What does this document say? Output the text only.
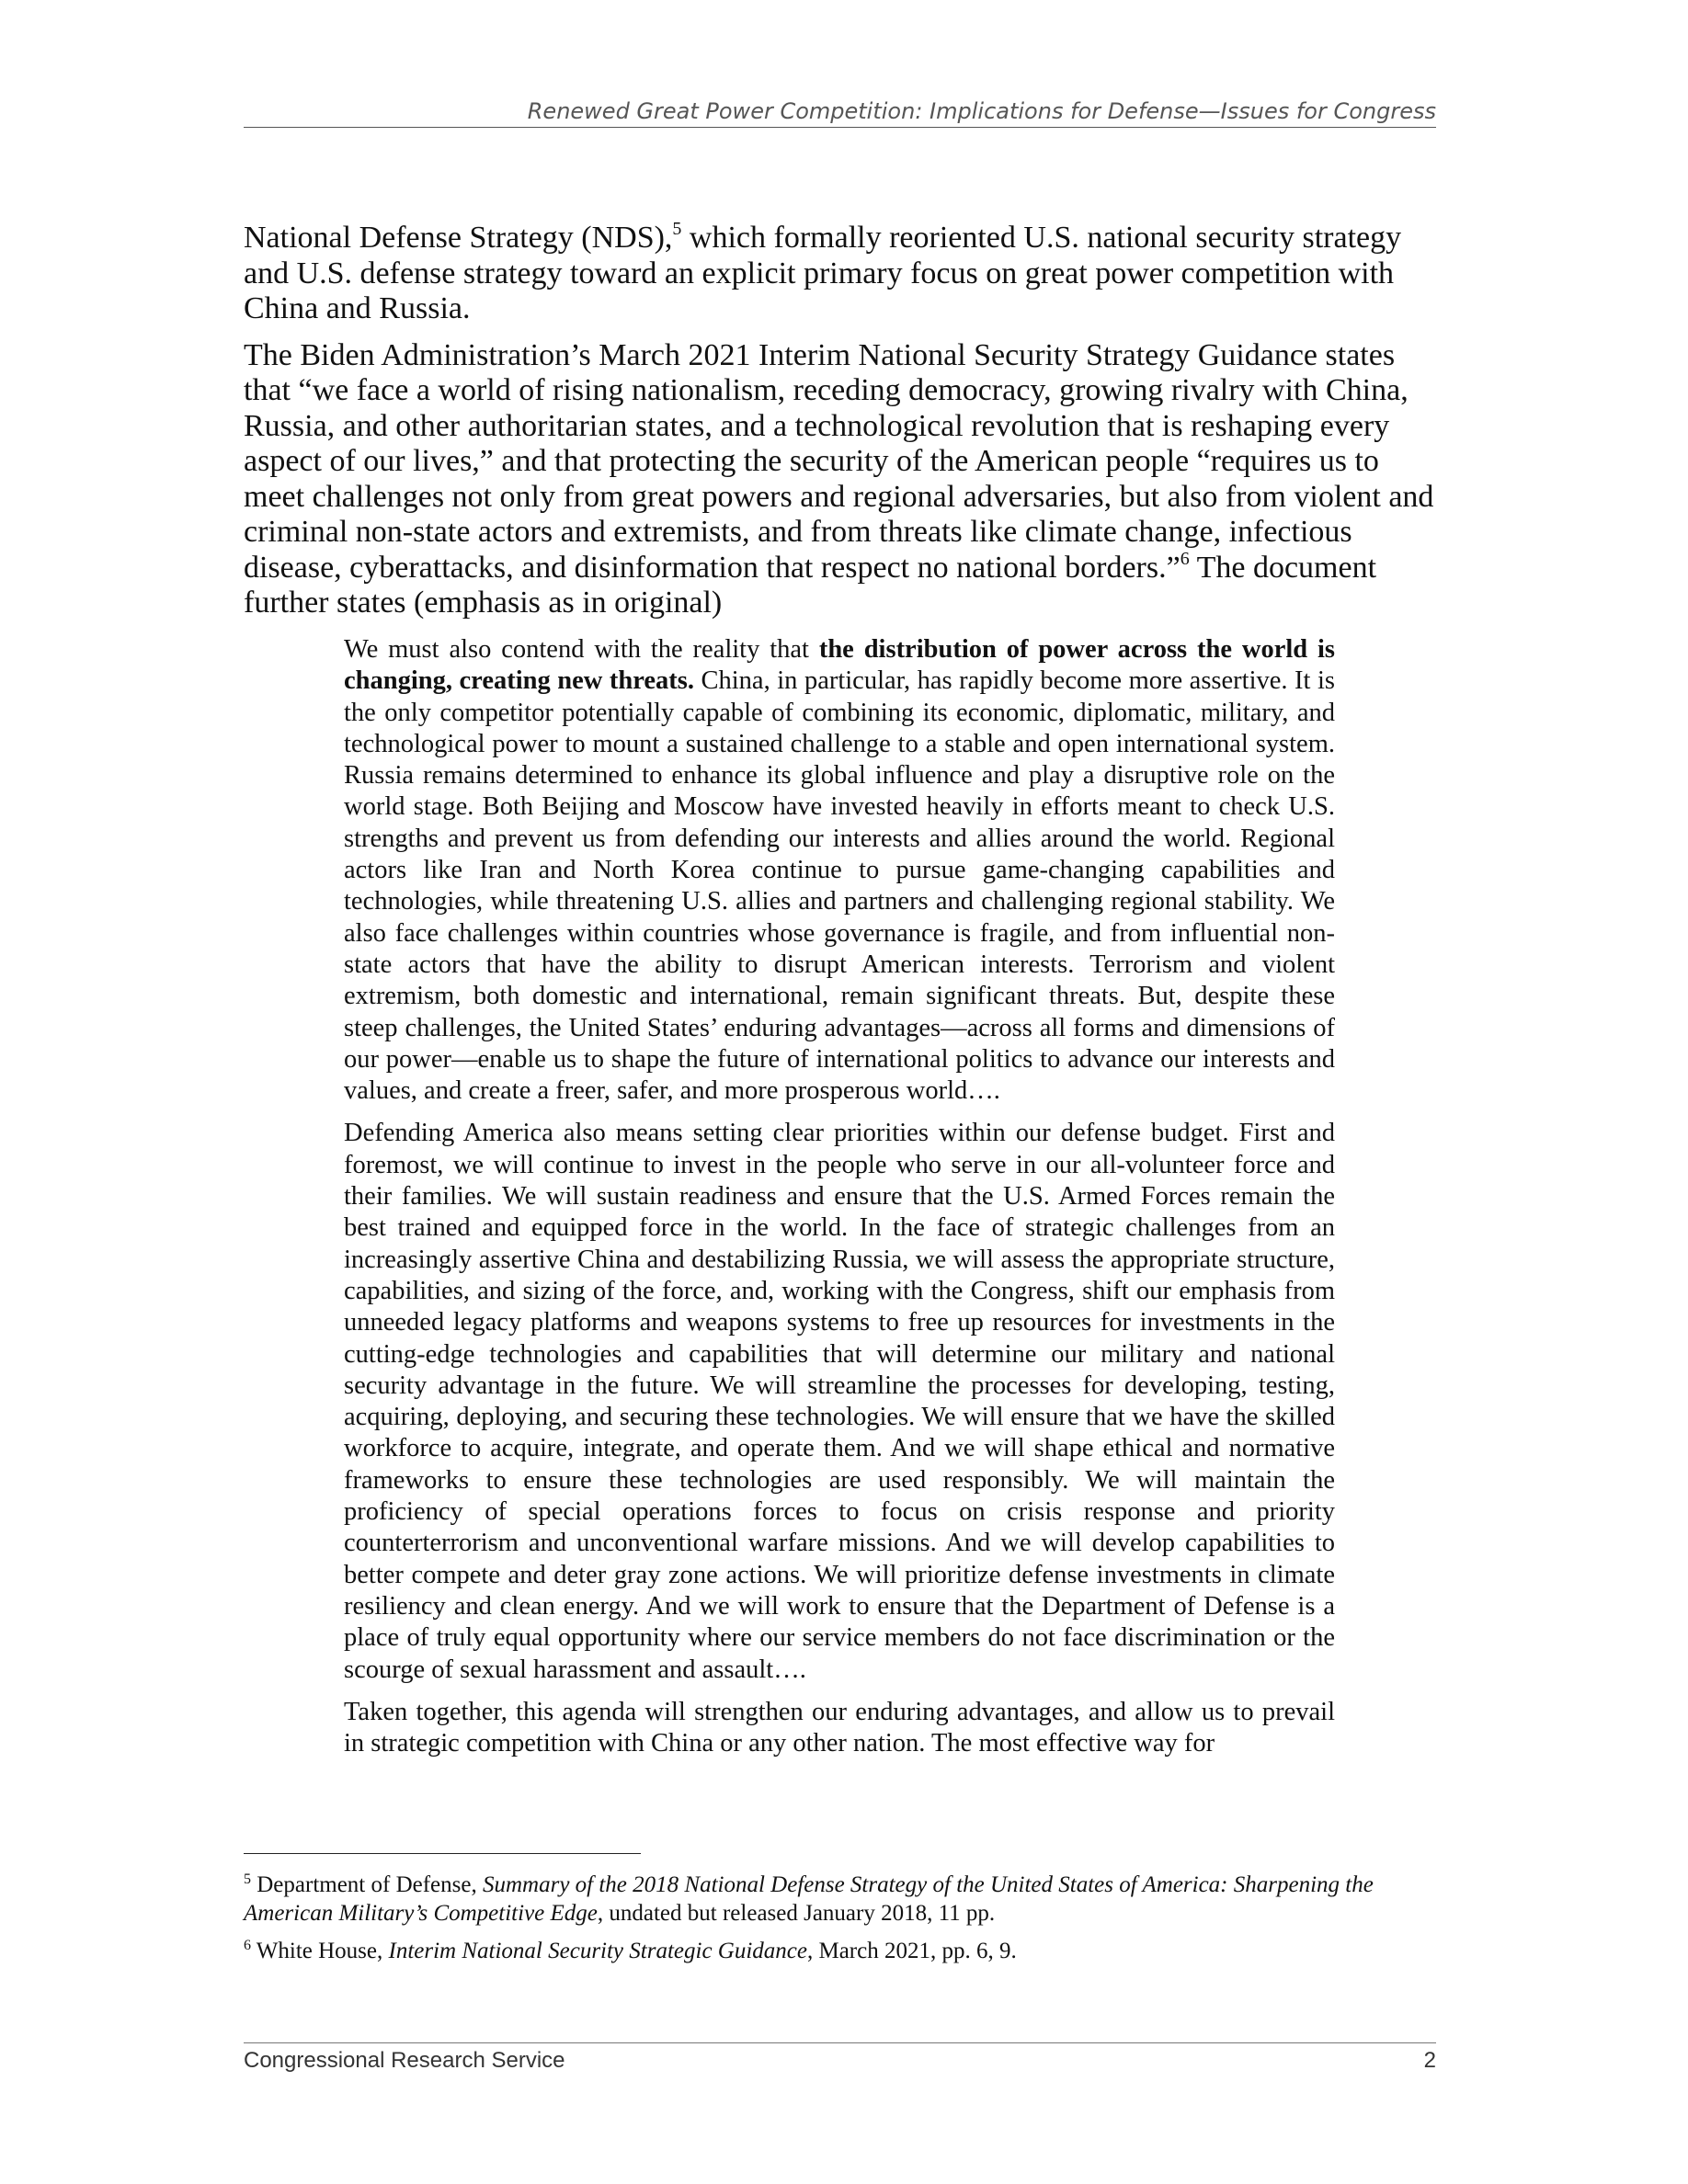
Renewed Great Power Competition: Implications for Defense—Issues for Congress

National Defense Strategy (NDS),$^5$ which formally reoriented U.S. national security strategy and U.S. defense strategy toward an explicit primary focus on great power competition with China and Russia.

The Biden Administration’s March 2021 Interim National Security Strategy Guidance states that “we face a world of rising nationalism, receding democracy, growing rivalry with China, Russia, and other authoritarian states, and a technological revolution that is reshaping every aspect of our lives,” and that protecting the security of the American people “requires us to meet challenges not only from great powers and regional adversaries, but also from violent and criminal non-state actors and extremists, and from threats like climate change, infectious disease, cyberattacks, and disinformation that respect no national borders.”$^6$ The document further states (emphasis as in original)

We must also contend with the reality that the distribution of power across the world is changing, creating new threats. China, in particular, has rapidly become more assertive. It is the only competitor potentially capable of combining its economic, diplomatic, military, and technological power to mount a sustained challenge to a stable and open international system. Russia remains determined to enhance its global influence and play a disruptive role on the world stage. Both Beijing and Moscow have invested heavily in efforts meant to check U.S. strengths and prevent us from defending our interests and allies around the world. Regional actors like Iran and North Korea continue to pursue game-changing capabilities and technologies, while threatening U.S. allies and partners and challenging regional stability. We also face challenges within countries whose governance is fragile, and from influential non-state actors that have the ability to disrupt American interests. Terrorism and violent extremism, both domestic and international, remain significant threats. But, despite these steep challenges, the United States’ enduring advantages—across all forms and dimensions of our power—enable us to shape the future of international politics to advance our interests and values, and create a freer, safer, and more prosperous world….

Defending America also means setting clear priorities within our defense budget. First and foremost, we will continue to invest in the people who serve in our all-volunteer force and their families. We will sustain readiness and ensure that the U.S. Armed Forces remain the best trained and equipped force in the world. In the face of strategic challenges from an increasingly assertive China and destabilizing Russia, we will assess the appropriate structure, capabilities, and sizing of the force, and, working with the Congress, shift our emphasis from unneeded legacy platforms and weapons systems to free up resources for investments in the cutting-edge technologies and capabilities that will determine our military and national security advantage in the future. We will streamline the processes for developing, testing, acquiring, deploying, and securing these technologies. We will ensure that we have the skilled workforce to acquire, integrate, and operate them. And we will shape ethical and normative frameworks to ensure these technologies are used responsibly. We will maintain the proficiency of special operations forces to focus on crisis response and priority counterterrorism and unconventional warfare missions. And we will develop capabilities to better compete and deter gray zone actions. We will prioritize defense investments in climate resiliency and clean energy. And we will work to ensure that the Department of Defense is a place of truly equal opportunity where our service members do not face discrimination or the scourge of sexual harassment and assault….

Taken together, this agenda will strengthen our enduring advantages, and allow us to prevail in strategic competition with China or any other nation. The most effective way for

$^5$ Department of Defense, Summary of the 2018 National Defense Strategy of the United States of America: Sharpening the American Military’s Competitive Edge, undated but released January 2018, 11 pp.

$^6$ White House, Interim National Security Strategic Guidance, March 2021, pp. 6, 9.

Congressional Research Service	2
